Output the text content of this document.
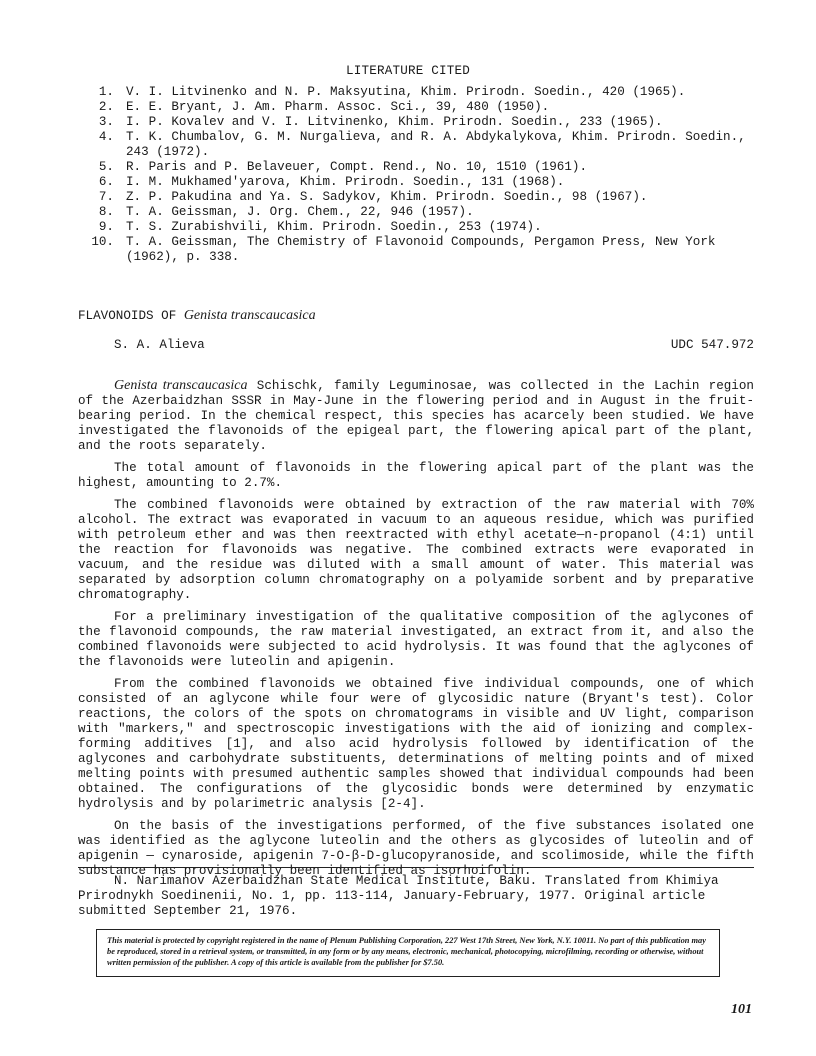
LITERATURE CITED
1. V. I. Litvinenko and N. P. Maksyutina, Khim. Prirodn. Soedin., 420 (1965).
2. E. E. Bryant, J. Am. Pharm. Assoc. Sci., 39, 480 (1950).
3. I. P. Kovalev and V. I. Litvinenko, Khim. Prirodn. Soedin., 233 (1965).
4. T. K. Chumbalov, G. M. Nurgalieva, and R. A. Abdykalykova, Khim. Prirodn. Soedin., 243 (1972).
5. R. Paris and P. Belaveuer, Compt. Rend., No. 10, 1510 (1961).
6. I. M. Mukhamed'yarova, Khim. Prirodn. Soedin., 131 (1968).
7. Z. P. Pakudina and Ya. S. Sadykov, Khim. Prirodn. Soedin., 98 (1967).
8. T. A. Geissman, J. Org. Chem., 22, 946 (1957).
9. T. S. Zurabishvili, Khim. Prirodn. Soedin., 253 (1974).
10. T. A. Geissman, The Chemistry of Flavonoid Compounds, Pergamon Press, New York (1962), p. 338.
FLAVONOIDS OF Genista transcaucasica
S. A. Alieva	UDC 547.972

Genista transcaucasica Schischk, family Leguminosae, was collected in the Lachin region of the Azerbaidzhan SSSR in May-June in the flowering period and in August in the fruit-bearing period. In the chemical respect, this species has acarcely been studied. We have investigated the flavonoids of the epigeal part, the flowering apical part of the plant, and the roots separately.

The total amount of flavonoids in the flowering apical part of the plant was the highest, amounting to 2.7%.

The combined flavonoids were obtained by extraction of the raw material with 70% alcohol. The extract was evaporated in vacuum to an aqueous residue, which was purified with petroleum ether and was then reextracted with ethyl acetate—n-propanol (4:1) until the reaction for flavonoids was negative. The combined extracts were evaporated in vacuum, and the residue was diluted with a small amount of water. This material was separated by adsorption column chromatography on a polyamide sorbent and by preparative chromatography.

For a preliminary investigation of the qualitative composition of the aglycones of the flavonoid compounds, the raw material investigated, an extract from it, and also the combined flavonoids were subjected to acid hydrolysis. It was found that the aglycones of the flavonoids were luteolin and apigenin.

From the combined flavonoids we obtained five individual compounds, one of which consisted of an aglycone while four were of glycosidic nature (Bryant's test). Color reactions, the colors of the spots on chromatograms in visible and UV light, comparison with "markers," and spectroscopic investigations with the aid of ionizing and complex-forming additives [1], and also acid hydrolysis followed by identification of the aglycones and carbohydrate substituents, determinations of melting points and of mixed melting points with presumed authentic samples showed that individual compounds had been obtained. The configurations of the glycosidic bonds were determined by enzymatic hydrolysis and by polarimetric analysis [2-4].

On the basis of the investigations performed, of the five substances isolated one was identified as the aglycone luteolin and the others as glycosides of luteolin and of apigenin — cynaroside, apigenin 7-O-β-D-glucopyranoside, and scolimoside, while the fifth substance has provisionally been identified as isorhoifolin.

N. Narimanov Azerbaidzhan State Medical Institute, Baku. Translated from Khimiya Prirodnykh Soedinenii, No. 1, pp. 113-114, January-February, 1977. Original article submitted September 21, 1976.
This material is protected by copyright registered in the name of Plenum Publishing Corporation, 227 West 17th Street, New York, N.Y. 10011. No part of this publication may be reproduced, stored in a retrieval system, or transmitted, in any form or by any means, electronic, mechanical, photocopying, microfilming, recording or otherwise, without written permission of the publisher. A copy of this article is available from the publisher for $7.50.
101
